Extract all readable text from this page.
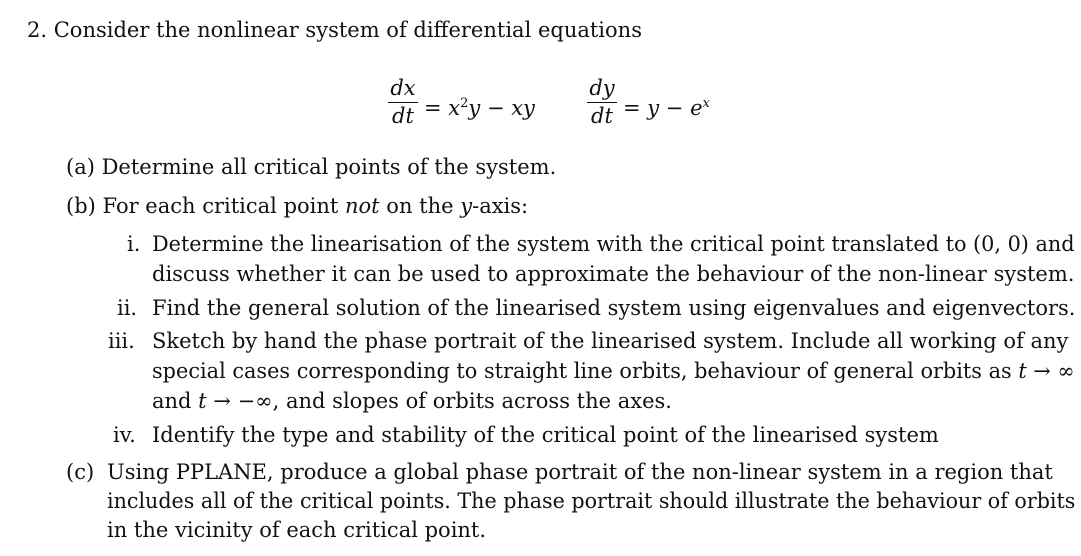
2. Consider the nonlinear system of differential equations
dx
dt = $x^2y$ − xy
dy
dt = $y - e^x$
(a) Determine all critical points of the system.
(b) For each critical point not on the y-axis:
i. Determine the linearisation of the system with the critical point translated to (0, 0) and
discuss whether it can be used to approximate the behaviour of the non-linear system.
ii. Find the general solution of the linearised system using eigenvalues and eigenvectors.
iii. Sketch by hand the phase portrait of the linearised system. Include all working of any
special cases corresponding to straight line orbits, behaviour of general orbits as t → ∞
and t → −∞, and slopes of orbits across the axes.
iv. Identify the type and stability of the critical point of the linearised system
(c) Using PPLANE, produce a global phase portrait of the non-linear system in a region that
includes all of the critical points. The phase portrait should illustrate the behaviour of orbits
in the vicinity of each critical point.
